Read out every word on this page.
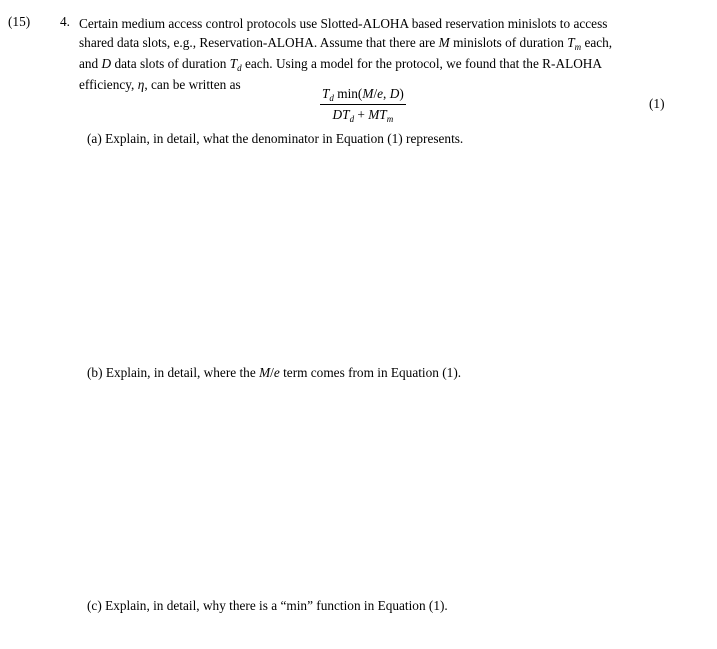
(15) 4. Certain medium access control protocols use Slotted-ALOHA based reservation minislots to access
shared data slots, e.g., Reservation-ALOHA. Assume that there are M minislots of duration $T_m$ each,
and D data slots of duration $T_d$ each. Using a model for the protocol, we found that the R-ALOHA
efficiency, η, can be written as
$T_d$ min(M/e, D)
$DT_d + MT_m$
(1)
(a) Explain, in detail, what the denominator in Equation (1) represents.
(b) Explain, in detail, where the M/e term comes from in Equation (1).
(c) Explain, in detail, why there is a “min” function in Equation (1).
